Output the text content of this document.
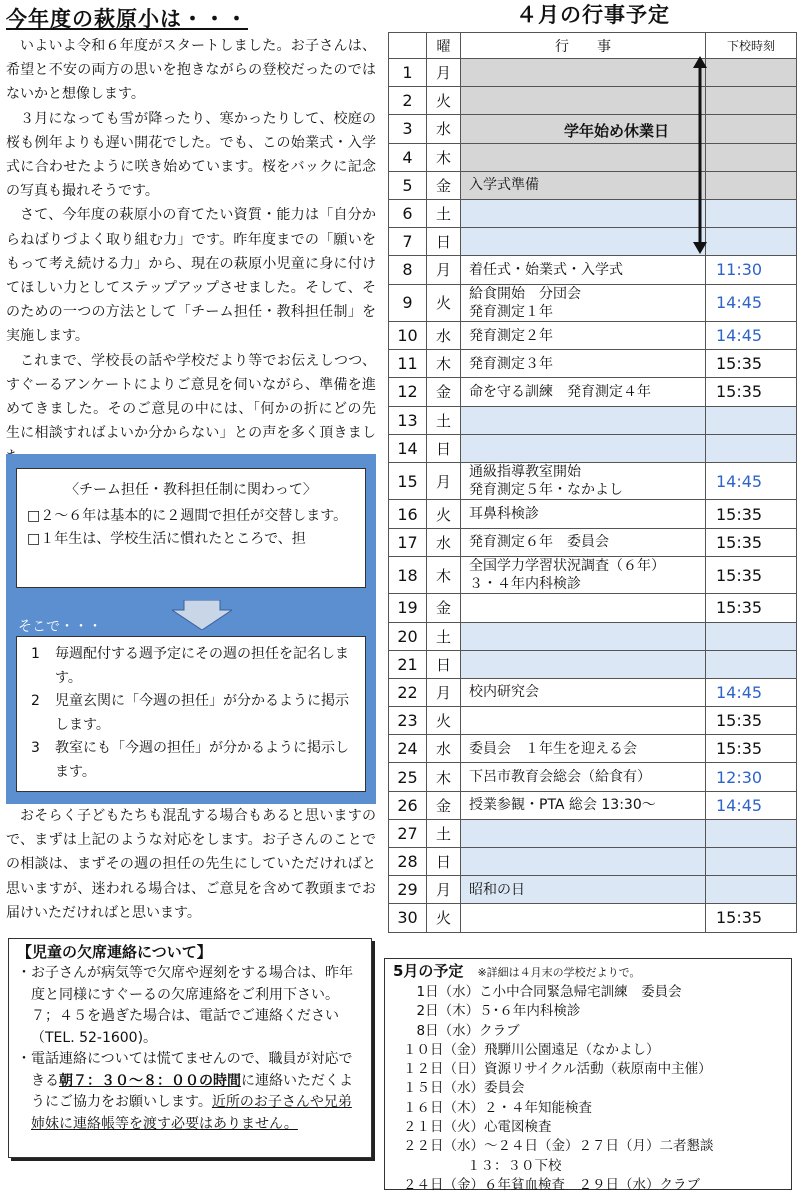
今年度の萩原小は・・・

いよいよ令和６年度がスタートしました。お子さんは、希望と不安の両方の思いを抱きながらの登校だったのではないかと想像します。

３月になっても雪が降ったり、寒かったりして、校庭の桜も例年よりも遅い開花でした。でも、この始業式・入学式に合わせたように咲き始めています。桜をバックに記念の写真も撮れそうです。

さて、今年度の萩原小の育てたい資質・能力は「自分からねばりづよく取り組む力」です。昨年度までの「願いをもって考え続ける力」から、現在の萩原小児童に身に付けてほしい力としてステップアップさせました。そして、そのための一つの方法として「チーム担任・教科担任制」を実施します。

これまで、学校長の話や学校だより等でお伝えしつつ、すぐーるアンケートによりご意見を伺いながら、準備を進めてきました。そのご意見の中には、「何かの折にどの先生に相談すればよいか分からない」との声を多く頂きまし

〈チーム担任・教科担任制に関わって〉
□２～６年は基本的に２週間で担任が交替します。
□１年生は、学校生活に慣れたところで、担
そこで・・・
1	毎週配付する週予定にその週の担任を記名します。
2	児童玄関に「今週の担任」が分かるように掲示します。
3	教室にも「今週の担任」が分かるように掲示します。

おそらく子どもたちも混乱する場合もあると思いますので、まずは上記のような対応をします。お子さんのことでの相談は、まずその週の担任の先生にしていただければと思いますが、迷われる場合は、ご意見を含めて教頭までお届けいただければと思います。

【児童の欠席連絡について】
・ お子さんが病気等で欠席や遅刻をする場合は、昨年度と同様にすぐーるの欠席連絡をご利用下さい。７；４５を過ぎた場合は、電話でご連絡ください（TEL. 52-1600)。
・ 電話連絡については慌てませんので、職員が対応できる朝７：３０～８：００の時間に連絡いただくようにご協力をお願いします。近所のお子さんや兄弟姉妹に連絡帳等を渡す必要はありません。
４月の行事予定
	曜	行　　事	下校時刻
1	月		
2	火		
3	水		
4	木		
5	金	入学式準備	
6	土		
7	日		
8	月	着任式・始業式・入学式	11:30
9	火	給食開始　分団会
発育測定１年	14:45
10	水	発育測定２年	14:45
11	木	発育測定３年	15:35
12	金	命を守る訓練　発育測定４年	15:35
13	土		
14	日		
15	月	通級指導教室開始
発育測定５年・なかよし	14:45
16	火	耳鼻科検診	15:35
17	水	発育測定６年　委員会	15:35
18	木	全国学力学習状況調査（６年）
３・４年内科検診	15:35
19	金		15:35
20	土		
21	日		
22	月	校内研究会	14:45
23	火		15:35
24	水	委員会　１年生を迎える会	15:35
25	木	下呂市教育会総会（給食有）	12:30
26	金	授業参観・PTA 総会 13:30～	14:45
27	土		
28	日		
29	月	昭和の日	
30	火		15:35
学年始め休業日
5月の予定　 ※詳細は４月末の学校だよりで。
　1日（水）こ小中合同緊急帰宅訓練　委員会
　2日（木）５･６年内科検診
　8日（水）クラブ
１０日（金）飛騨川公園遠足（なかよし）
１２日（日）資源リサイクル活動（萩原南中主催）
１５日（水）委員会
１６日（木）２・４年知能検査
２１日（火）心電図検査
２２日（水）～２４日（金）２７日（月）二者懇談
１３：３０下校
２４日（金）６年貧血検査　２９日（水）クラブ
